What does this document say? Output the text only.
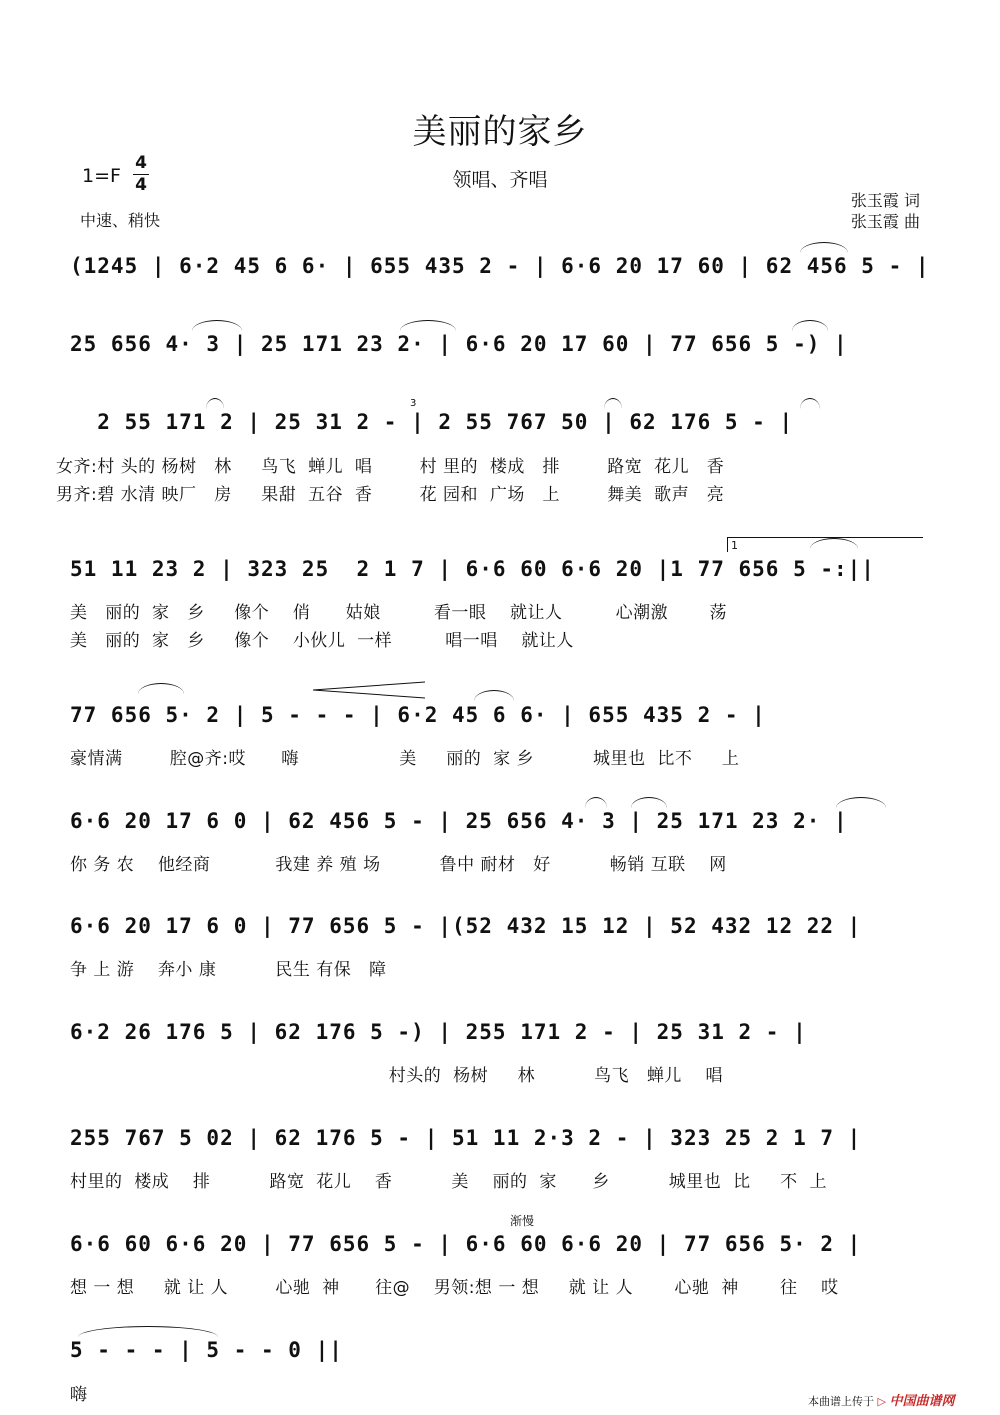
美丽的家乡
领唱、齐唱
1=F
4
4
中速、稍快
张玉霞 词
张玉霞 曲
(1245 | 6·2 45 6 6· | 655 435 2 - | 6·6 20 17 60 | 62 456 5 - |
25 656 4· 3 | 25 171 23 2· | 6·6 20 17 60 | 77 656 5 -) |
2 55 171 2 | 25 31 2 - | 2 55 767 50 | 62 176 5 - |
女齐:村 头的 杨树   林     鸟飞  蝉儿  唱        村 里的  楼成   排        路宽  花儿   香
男齐:碧 水清 映厂   房     果甜  五谷  香        花 园和  广场   上        舞美  歌声   亮
3
51 11 23 2 | 323 25  2 1 7 | 6·6 60 6·6 20 |1 77 656 5 -:||
美   丽的  家   乡     像个    俏      姑娘         看一眼    就让人         心潮激       荡
美   丽的  家   乡     像个    小伙儿  一样         唱一唱    就让人
1
77 656 5· 2 | 5 - - - | 6·2 45 6 6· | 655 435 2 - |
豪情满        腔@齐:哎      嗨                 美     丽的  家 乡          城里也  比不     上
6·6 20 17 6 0 | 62 456 5 - | 25 656 4· 3 | 25 171 23 2· |
你 务 农    他经商           我建 养 殖 场          鲁中 耐材   好          畅销 互联    网
6·6 20 17 6 0 | 77 656 5 - |(52 432 15 12 | 52 432 12 22 |
争 上 游    奔小 康          民生 有保   障
6·2 26 176 5 | 62 176 5 -) | 255 171 2 - | 25 31 2 - |
村头的  杨树     林          鸟飞   蝉儿    唱
255 767 5 02 | 62 176 5 - | 51 11 2·3 2 - | 323 25 2 1 7 |
村里的  楼成    排          路宽  花儿    香          美    丽的  家      乡          城里也  比     不  上
渐慢
6·6 60 6·6 20 | 77 656 5 - | 6·6 60 6·6 20 | 77 656 5· 2 |
想 一 想     就 让 人        心驰  神      往@    男领:想 一 想     就 让 人       心驰  神       往    哎
5 - - - | 5 - - 0 ||
嗨	本曲谱上传于 ▷ 中国曲谱网
